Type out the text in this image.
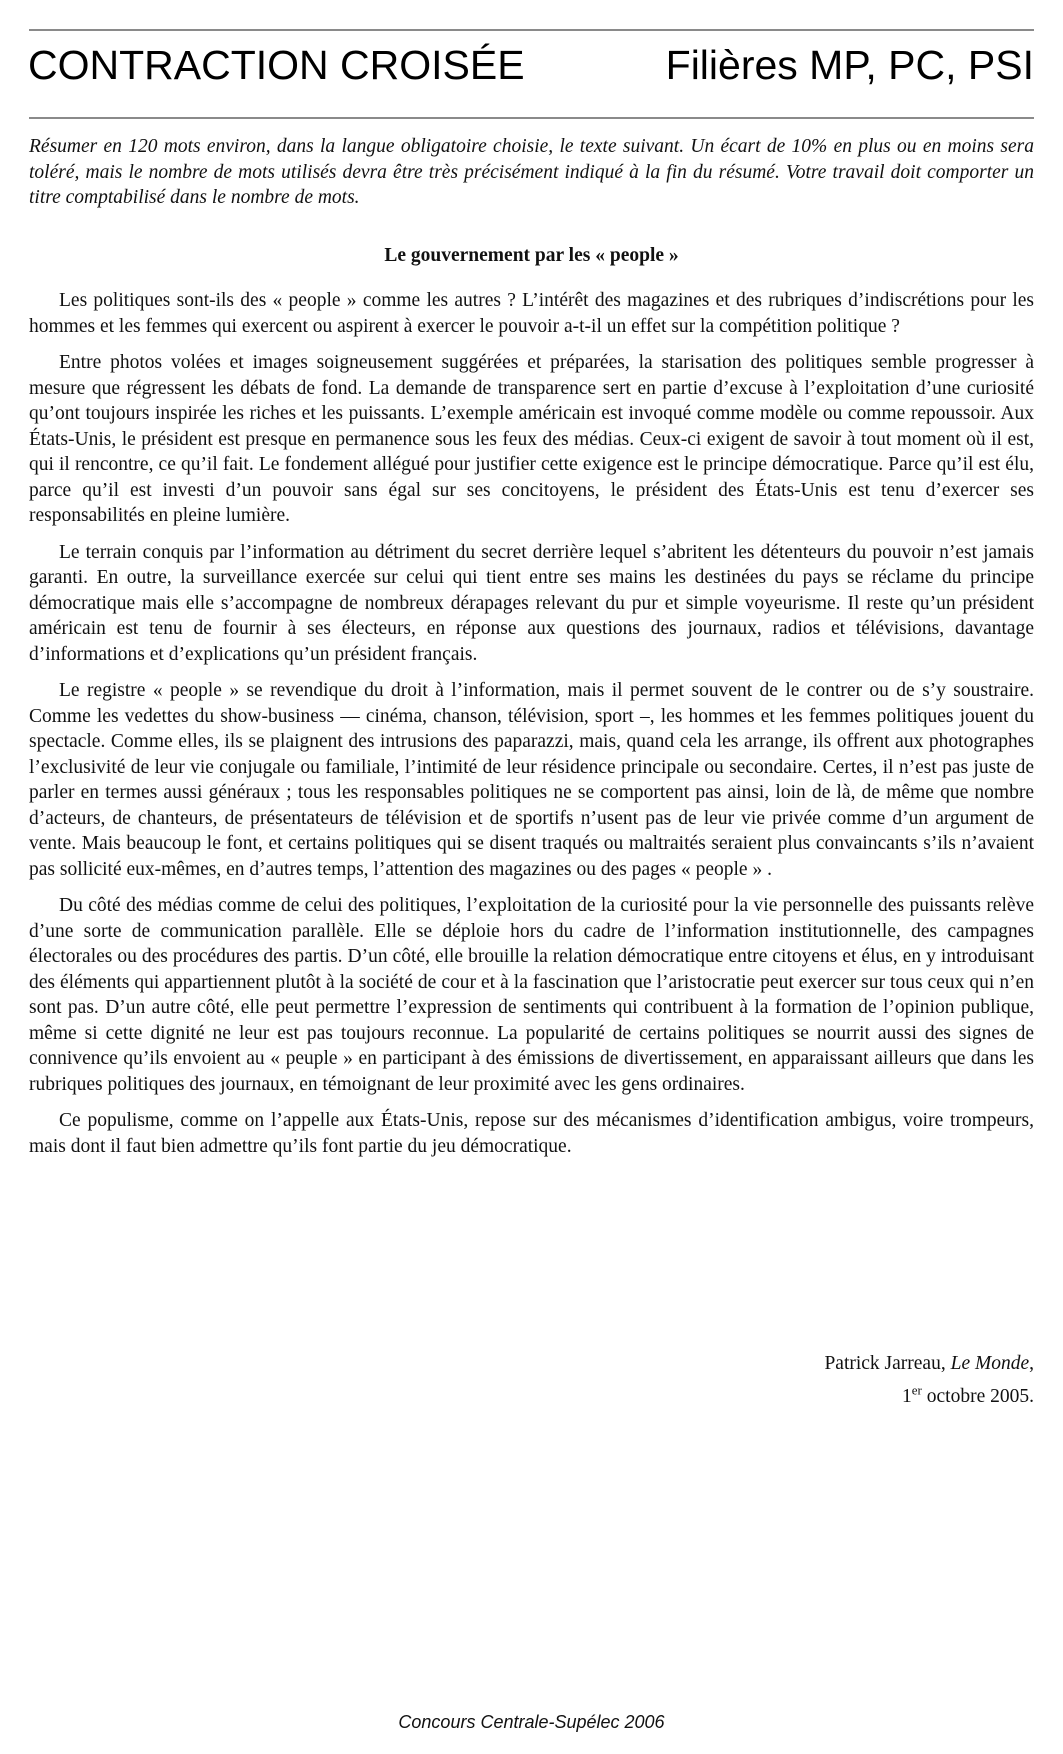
CONTRACTION CROISÉE	Filières MP, PC, PSI
Résumer en 120 mots environ, dans la langue obligatoire choisie, le texte suivant. Un écart de 10% en plus ou en moins sera toléré, mais le nombre de mots utilisés devra être très précisément indiqué à la fin du résumé. Votre travail doit comporter un titre comptabilisé dans le nombre de mots.
Le gouvernement par les « people »

Les politiques sont-ils des « people » comme les autres ? L’intérêt des magazines et des rubriques d’indiscrétions pour les hommes et les femmes qui exercent ou aspirent à exercer le pouvoir a-t-il un effet sur la compétition politique ?

Entre photos volées et images soigneusement suggérées et préparées, la starisation des politiques semble progresser à mesure que régressent les débats de fond. La demande de transparence sert en partie d’excuse à l’exploitation d’une curiosité qu’ont toujours inspirée les riches et les puissants. L’exemple américain est invoqué comme modèle ou comme repoussoir. Aux États-Unis, le président est presque en permanence sous les feux des médias. Ceux-ci exigent de savoir à tout moment où il est, qui il rencontre, ce qu’il fait. Le fondement allégué pour justifier cette exigence est le principe démocratique. Parce qu’il est élu, parce qu’il est investi d’un pouvoir sans égal sur ses concitoyens, le président des États-Unis est tenu d’exercer ses responsabilités en pleine lumière.

Le terrain conquis par l’information au détriment du secret derrière lequel s’abritent les détenteurs du pouvoir n’est jamais garanti. En outre, la surveillance exercée sur celui qui tient entre ses mains les destinées du pays se réclame du principe démocratique mais elle s’accompagne de nombreux dérapages relevant du pur et simple voyeurisme. Il reste qu’un président américain est tenu de fournir à ses électeurs, en réponse aux questions des journaux, radios et télévisions, davantage d’informations et d’explications qu’un président français.

Le registre « people » se revendique du droit à l’information, mais il permet souvent de le contrer ou de s’y soustraire. Comme les vedettes du show-business — cinéma, chanson, télévision, sport –, les hommes et les femmes politiques jouent du spectacle. Comme elles, ils se plaignent des intrusions des paparazzi, mais, quand cela les arrange, ils offrent aux photographes l’exclusivité de leur vie conjugale ou familiale, l’intimité de leur résidence principale ou secondaire. Certes, il n’est pas juste de parler en termes aussi généraux ; tous les responsables politiques ne se comportent pas ainsi, loin de là, de même que nombre d’acteurs, de chanteurs, de présentateurs de télévision et de sportifs n’usent pas de leur vie privée comme d’un argument de vente. Mais beaucoup le font, et certains politiques qui se disent traqués ou maltraités seraient plus convaincants s’ils n’avaient pas sollicité eux-mêmes, en d’autres temps, l’attention des magazines ou des pages « people » .

Du côté des médias comme de celui des politiques, l’exploitation de la curiosité pour la vie personnelle des puissants relève d’une sorte de communication parallèle. Elle se déploie hors du cadre de l’information institutionnelle, des campagnes électorales ou des procédures des partis. D’un côté, elle brouille la relation démocratique entre citoyens et élus, en y introduisant des éléments qui appartiennent plutôt à la société de cour et à la fascination que l’aristocratie peut exercer sur tous ceux qui n’en sont pas. D’un autre côté, elle peut permettre l’expression de sentiments qui contribuent à la formation de l’opinion publique, même si cette dignité ne leur est pas toujours reconnue. La popularité de certains politiques se nourrit aussi des signes de connivence qu’ils envoient au « peuple » en participant à des émissions de divertissement, en apparaissant ailleurs que dans les rubriques politiques des journaux, en témoignant de leur proximité avec les gens ordinaires.

Ce populisme, comme on l’appelle aux États-Unis, repose sur des mécanismes d’identification ambigus, voire trompeurs, mais dont il faut bien admettre qu’ils font partie du jeu démocratique.

Patrick Jarreau, Le Monde,
1er octobre 2005.
Concours Centrale-Supélec 2006
